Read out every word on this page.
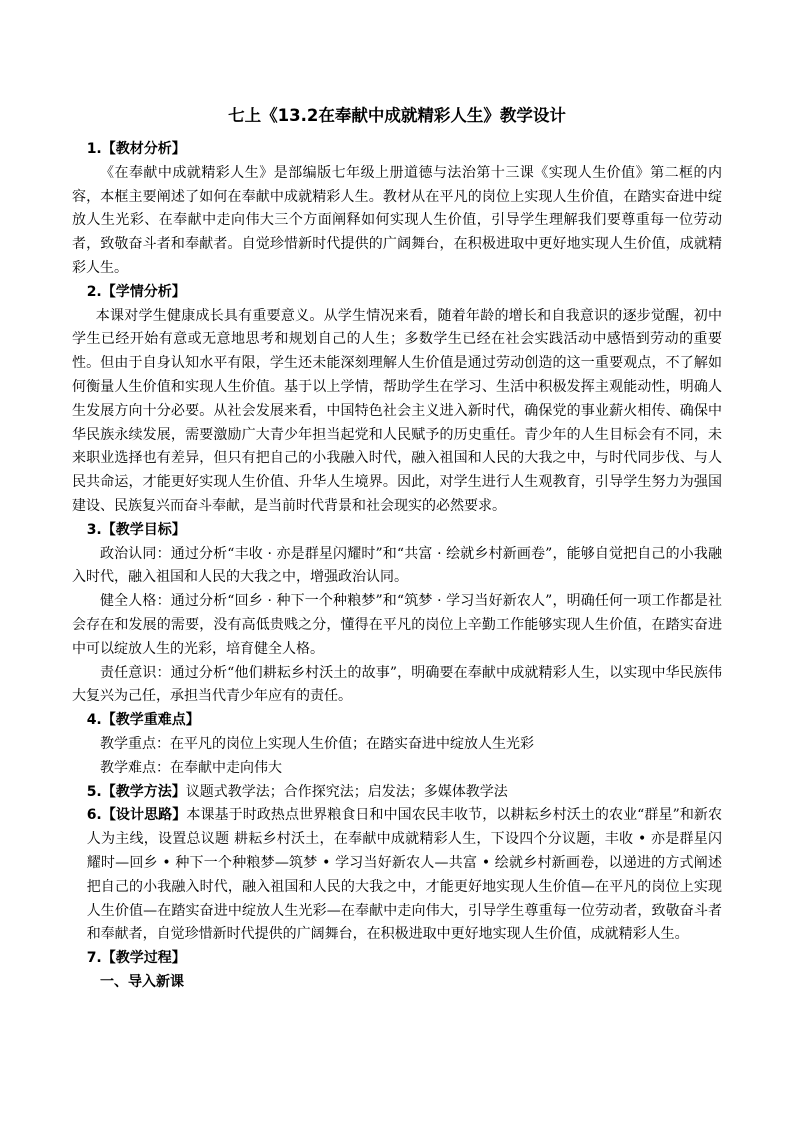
七上《13.2在奉献中成就精彩人生》教学设计

1.【教材分析】

《在奉献中成就精彩人生》是部编版七年级上册道德与法治第十三课《实现人生价值》第二框的内容，本框主要阐述了如何在奉献中成就精彩人生。教材从在平凡的岗位上实现人生价值，在踏实奋进中绽放人生光彩、在奉献中走向伟大三个方面阐释如何实现人生价值，引导学生理解我们要尊重每一位劳动者，致敬奋斗者和奉献者。自觉珍惜新时代提供的广阔舞台，在积极进取中更好地实现人生价值，成就精彩人生。

2.【学情分析】

本课对学生健康成长具有重要意义。从学生情况来看，随着年龄的增长和自我意识的逐步觉醒，初中学生已经开始有意或无意地思考和规划自己的人生；多数学生已经在社会实践活动中感悟到劳动的重要性。但由于自身认知水平有限，学生还未能深刻理解人生价值是通过劳动创造的这一重要观点，不了解如何衡量人生价值和实现人生价值。基于以上学情，帮助学生在学习、生活中积极发挥主观能动性，明确人生发展方向十分必要。从社会发展来看，中国特色社会主义进入新时代，确保党的事业薪火相传、确保中华民族永续发展，需要激励广大青少年担当起党和人民赋予的历史重任。青少年的人生目标会有不同，未来职业选择也有差异，但只有把自己的小我融入时代，融入祖国和人民的大我之中，与时代同步伐、与人民共命运，才能更好实现人生价值、升华人生境界。因此，对学生进行人生观教育，引导学生努力为强国建设、民族复兴而奋斗奉献，是当前时代背景和社会现实的必然要求。

3.【教学目标】

政治认同：通过分析“丰收 · 亦是群星闪耀时”和“共富 · 绘就乡村新画卷”，能够自觉把自己的小我融入时代，融入祖国和人民的大我之中，增强政治认同。

健全人格：通过分析“回乡 · 种下一个种粮梦”和“筑梦 · 学习当好新农人”，明确任何一项工作都是社会存在和发展的需要，没有高低贵贱之分，懂得在平凡的岗位上辛勤工作能够实现人生价值，在踏实奋进中可以绽放人生的光彩，培育健全人格。

责任意识：通过分析“他们耕耘乡村沃土的故事”，明确要在奉献中成就精彩人生，以实现中华民族伟大复兴为己任，承担当代青少年应有的责任。

4.【教学重难点】

教学重点：在平凡的岗位上实现人生价值；在踏实奋进中绽放人生光彩

教学难点：在奉献中走向伟大

5.【教学方法】议题式教学法；合作探究法；启发法；多媒体教学法

6.【设计思路】本课基于时政热点世界粮食日和中国农民丰收节，以耕耘乡村沃土的农业“群星”和新农人为主线，设置总议题 耕耘乡村沃土，在奉献中成就精彩人生，下设四个分议题，丰收 • 亦是群星闪耀时—回乡 • 种下一个种粮梦—筑梦 • 学习当好新农人—共富 • 绘就乡村新画卷，以递进的方式阐述把自己的小我融入时代，融入祖国和人民的大我之中，才能更好地实现人生价值—在平凡的岗位上实现人生价值—在踏实奋进中绽放人生光彩—在奉献中走向伟大，引导学生尊重每一位劳动者，致敬奋斗者和奉献者，自觉珍惜新时代提供的广阔舞台，在积极进取中更好地实现人生价值，成就精彩人生。

7.【教学过程】

一、导入新课
